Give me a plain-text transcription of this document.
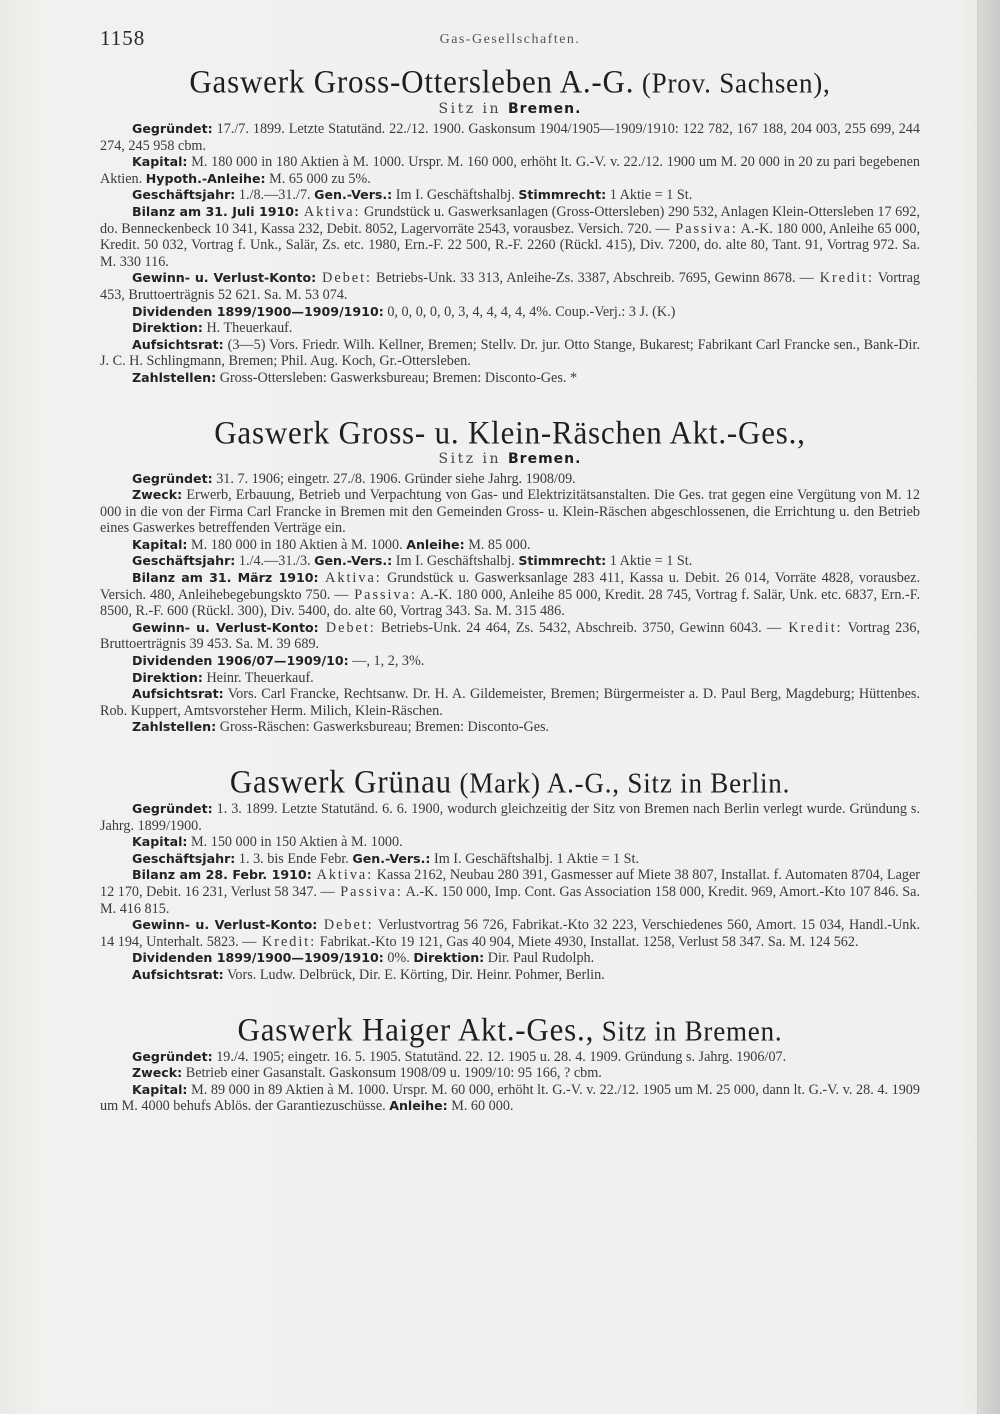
1158	Gas-Gesellschaften.
Gaswerk Gross-Ottersleben A.-G. (Prov. Sachsen),
Sitz in Bremen.

Gegründet: 17./7. 1899. Letzte Statutänd. 22./12. 1900. Gaskonsum 1904/1905—1909/1910: 122 782, 167 188, 204 003, 255 699, 244 274, 245 958 cbm.

Kapital: M. 180 000 in 180 Aktien à M. 1000. Urspr. M. 160 000, erhöht lt. G.-V. v. 22./12. 1900 um M. 20 000 in 20 zu pari begebenen Aktien. Hypoth.-Anleihe: M. 65 000 zu 5%.

Geschäftsjahr: 1./8.—31./7. Gen.-Vers.: Im I. Geschäftshalbj. Stimmrecht: 1 Aktie = 1 St.

Bilanz am 31. Juli 1910: Aktiva: Grundstück u. Gaswerksanlagen (Gross-Ottersleben) 290 532, Anlagen Klein-Ottersleben 17 692, do. Benneckenbeck 10 341, Kassa 232, Debit. 8052, Lagervorräte 2543, vorausbez. Versich. 720. — Passiva: A.-K. 180 000, Anleihe 65 000, Kredit. 50 032, Vortrag f. Unk., Salär, Zs. etc. 1980, Ern.-F. 22 500, R.-F. 2260 (Rückl. 415), Div. 7200, do. alte 80, Tant. 91, Vortrag 972. Sa. M. 330 116.

Gewinn- u. Verlust-Konto: Debet: Betriebs-Unk. 33 313, Anleihe-Zs. 3387, Abschreib. 7695, Gewinn 8678. — Kredit: Vortrag 453, Bruttoerträgnis 52 621. Sa. M. 53 074.

Dividenden 1899/1900—1909/1910: 0, 0, 0, 0, 0, 3, 4, 4, 4, 4, 4%. Coup.-Verj.: 3 J. (K.)

Direktion: H. Theuerkauf.

Aufsichtsrat: (3—5) Vors. Friedr. Wilh. Kellner, Bremen; Stellv. Dr. jur. Otto Stange, Bukarest; Fabrikant Carl Francke sen., Bank-Dir. J. C. H. Schlingmann, Bremen; Phil. Aug. Koch, Gr.-Ottersleben.

Zahlstellen: Gross-Ottersleben: Gaswerksbureau; Bremen: Disconto-Ges. *

Gaswerk Gross- u. Klein-Räschen Akt.-Ges.,
Sitz in Bremen.

Gegründet: 31. 7. 1906; eingetr. 27./8. 1906. Gründer siehe Jahrg. 1908/09.

Zweck: Erwerb, Erbauung, Betrieb und Verpachtung von Gas- und Elektrizitätsanstalten. Die Ges. trat gegen eine Vergütung von M. 12 000 in die von der Firma Carl Francke in Bremen mit den Gemeinden Gross- u. Klein-Räschen abgeschlossenen, die Errichtung u. den Betrieb eines Gaswerkes betreffenden Verträge ein.

Kapital: M. 180 000 in 180 Aktien à M. 1000. Anleihe: M. 85 000.

Geschäftsjahr: 1./4.—31./3. Gen.-Vers.: Im I. Geschäftshalbj. Stimmrecht: 1 Aktie = 1 St.

Bilanz am 31. März 1910: Aktiva: Grundstück u. Gaswerksanlage 283 411, Kassa u. Debit. 26 014, Vorräte 4828, vorausbez. Versich. 480, Anleihebegebungskto 750. — Passiva: A.-K. 180 000, Anleihe 85 000, Kredit. 28 745, Vortrag f. Salär, Unk. etc. 6837, Ern.-F. 8500, R.-F. 600 (Rückl. 300), Div. 5400, do. alte 60, Vortrag 343. Sa. M. 315 486.

Gewinn- u. Verlust-Konto: Debet: Betriebs-Unk. 24 464, Zs. 5432, Abschreib. 3750, Gewinn 6043. — Kredit: Vortrag 236, Bruttoerträgnis 39 453. Sa. M. 39 689.

Dividenden 1906/07—1909/10: —, 1, 2, 3%.

Direktion: Heinr. Theuerkauf.

Aufsichtsrat: Vors. Carl Francke, Rechtsanw. Dr. H. A. Gildemeister, Bremen; Bürgermeister a. D. Paul Berg, Magdeburg; Hüttenbes. Rob. Kuppert, Amtsvorsteher Herm. Milich, Klein-Räschen.

Zahlstellen: Gross-Räschen: Gaswerksbureau; Bremen: Disconto-Ges.

Gaswerk Grünau (Mark) A.-G., Sitz in Berlin.

Gegründet: 1. 3. 1899. Letzte Statutänd. 6. 6. 1900, wodurch gleichzeitig der Sitz von Bremen nach Berlin verlegt wurde. Gründung s. Jahrg. 1899/1900.

Kapital: M. 150 000 in 150 Aktien à M. 1000.

Geschäftsjahr: 1. 3. bis Ende Febr. Gen.-Vers.: Im I. Geschäftshalbj. 1 Aktie = 1 St.

Bilanz am 28. Febr. 1910: Aktiva: Kassa 2162, Neubau 280 391, Gasmesser auf Miete 38 807, Installat. f. Automaten 8704, Lager 12 170, Debit. 16 231, Verlust 58 347. — Passiva: A.-K. 150 000, Imp. Cont. Gas Association 158 000, Kredit. 969, Amort.-Kto 107 846. Sa. M. 416 815.

Gewinn- u. Verlust-Konto: Debet: Verlustvortrag 56 726, Fabrikat.-Kto 32 223, Verschiedenes 560, Amort. 15 034, Handl.-Unk. 14 194, Unterhalt. 5823. — Kredit: Fabrikat.-Kto 19 121, Gas 40 904, Miete 4930, Installat. 1258, Verlust 58 347. Sa. M. 124 562.

Dividenden 1899/1900—1909/1910: 0%. Direktion: Dir. Paul Rudolph.

Aufsichtsrat: Vors. Ludw. Delbrück, Dir. E. Körting, Dir. Heinr. Pohmer, Berlin.

Gaswerk Haiger Akt.-Ges., Sitz in Bremen.

Gegründet: 19./4. 1905; eingetr. 16. 5. 1905. Statutänd. 22. 12. 1905 u. 28. 4. 1909. Gründung s. Jahrg. 1906/07.

Zweck: Betrieb einer Gasanstalt. Gaskonsum 1908/09 u. 1909/10: 95 166, ? cbm.

Kapital: M. 89 000 in 89 Aktien à M. 1000. Urspr. M. 60 000, erhöht lt. G.-V. v. 22./12. 1905 um M. 25 000, dann lt. G.-V. v. 28. 4. 1909 um M. 4000 behufs Ablös. der Garantiezuschüsse. Anleihe: M. 60 000.
